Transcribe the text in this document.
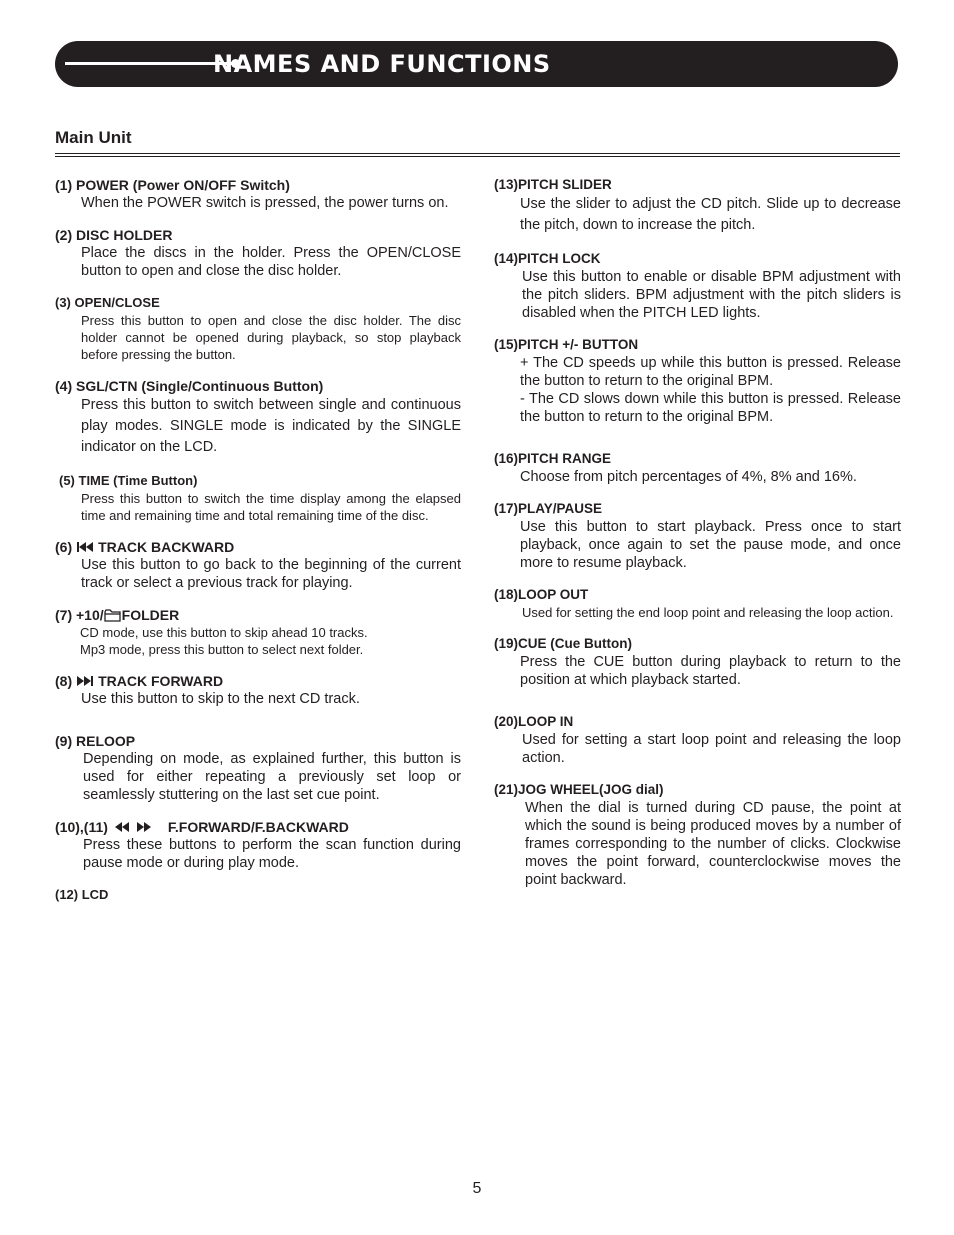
NAMES AND FUNCTIONS
Main Unit
(1) POWER (Power ON/OFF Switch)

When the POWER switch is pressed, the power turns on.

(2) DISC HOLDER

Place the discs in the holder. Press the OPEN/CLOSE button to open and close the disc holder.

(3) OPEN/CLOSE

Press this button to open and close the disc holder. The disc holder cannot be opened during playback, so stop playback before pressing the button.

(4) SGL/CTN (Single/Continuous Button)

Press this button to switch between single and continuous play modes. SINGLE mode is indicated by the SINGLE indicator on the LCD.

(5) TIME (Time Button)

Press this button to switch the time display among the elapsed time and remaining time and total remaining time of the disc.

(6) TRACK BACKWARD

Use this button to go back to the beginning of the current track or select a previous track for playing.

(7) +10/ FOLDER

CD mode, use this button to skip ahead 10 tracks.

Mp3 mode, press this button to select next folder.

(8) TRACK FORWARD

Use this button to skip to the next CD track.

(9) RELOOP

Depending on mode, as explained further, this button is used for either repeating a previously set loop or seamlessly stuttering on the last set cue point.

(10),(11)	F.FORWARD/F.BACKWARD

Press these buttons to perform the scan function during pause mode or during play mode.

(12) LCD
(13)PITCH SLIDER

Use the slider to adjust the CD pitch. Slide up to decrease the pitch, down to increase the pitch.

(14)PITCH LOCK

Use this button to enable or disable BPM adjustment with the pitch sliders. BPM adjustment with the pitch sliders is disabled when the PITCH LED lights.

(15)PITCH +/- BUTTON

+ The CD speeds up while this button is pressed. Release the button to return to the original BPM.

- The CD slows down while this button is pressed. Release the button to return to the original BPM.

(16)PITCH RANGE

Choose from pitch percentages of 4%, 8% and 16%.

(17)PLAY/PAUSE

Use this button to start playback. Press once to start playback, once again to set the pause mode, and once more to resume playback.

(18)LOOP OUT

Used for setting the end loop point and releasing the loop action.

(19)CUE (Cue Button)

Press the CUE button during playback to return to the position at which playback started.

(20)LOOP IN

Used for setting a start loop point and releasing the loop action.

(21)JOG WHEEL(JOG dial)

When the dial is turned during CD pause, the point at which the sound is being produced moves by a number of frames corresponding to the number of clicks. Clockwise moves the point forward, counterclockwise moves the point backward.

5
